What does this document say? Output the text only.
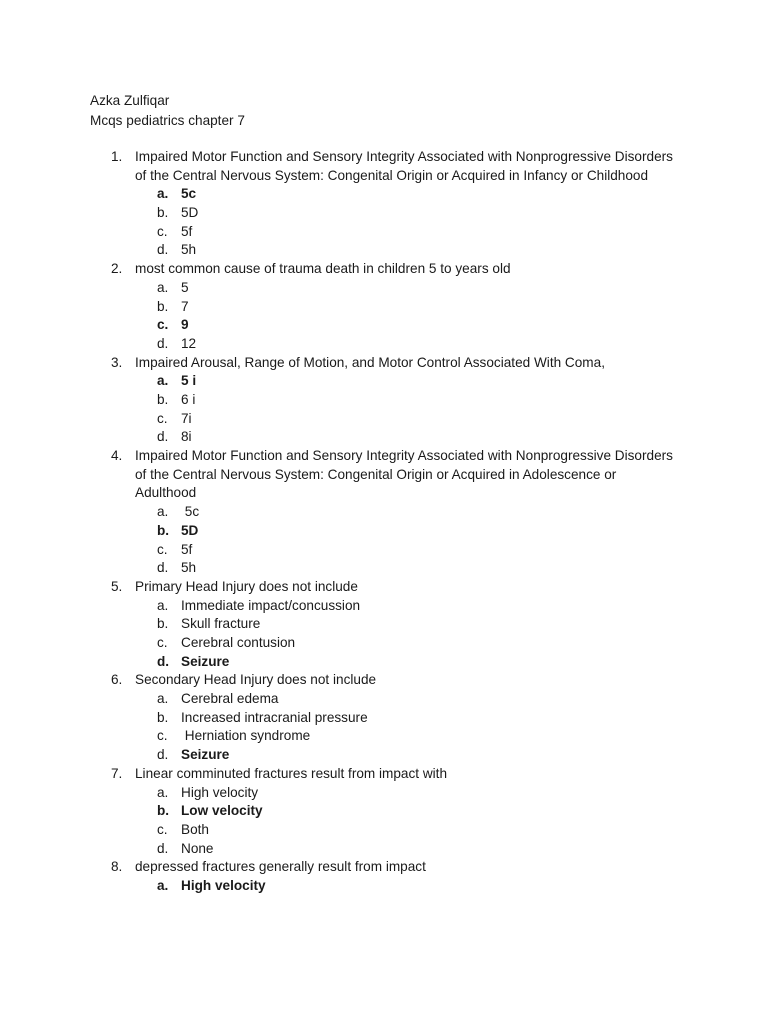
Azka Zulfiqar
Mcqs pediatrics chapter 7
1. Impaired Motor Function and Sensory Integrity Associated with Nonprogressive Disorders of the Central Nervous System: Congenital Origin or Acquired in Infancy or Childhood
a. 5c
b. 5D
c. 5f
d. 5h
2. most common cause of trauma death in children 5 to years old
a. 5
b. 7
c. 9
d. 12
3. Impaired Arousal, Range of Motion, and Motor Control Associated With Coma,
a. 5 i
b. 6 i
c. 7i
d. 8i
4. Impaired Motor Function and Sensory Integrity Associated with Nonprogressive Disorders of the Central Nervous System: Congenital Origin or Acquired in Adolescence or Adulthood
a. 5c
b. 5D
c. 5f
d. 5h
5. Primary Head Injury does not include
a. Immediate impact/concussion
b. Skull fracture
c. Cerebral contusion
d. Seizure
6. Secondary Head Injury does not include
a. Cerebral edema
b. Increased intracranial pressure
c. Herniation syndrome
d. Seizure
7. Linear comminuted fractures result from impact with
a. High velocity
b. Low velocity
c. Both
d. None
8. depressed fractures generally result from impact
a. High velocity
